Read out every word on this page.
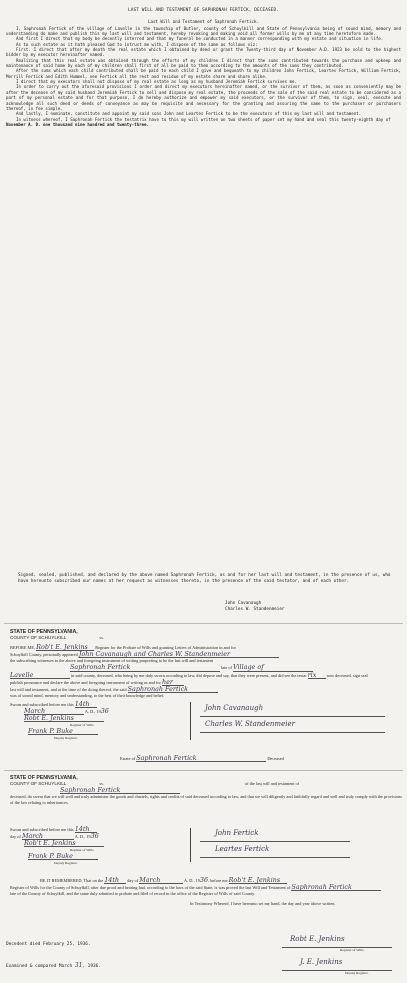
LAST WILL AND TESTAMENT OF SAPHRONAH FERTICK, DECEASED.
Last Will and Testament of Saphronah Fertick.

I, Saphronah Fertick of the village of Lavelle in the township of Butler, county of Schuylkill and State of Pennsylvania being of sound mind, memory and understanding do make and publish this my last will and testament, hereby revoking and making void all former wills by me at any time heretofore made.

And first I direct that my body be decently interred and that my funeral be conducted in a manner corresponding with my estate and situation in life.

As to such estate as it hath pleased God to intrust me with, I dispose of the same as follows viz:

First. I direct that after my death the real estate which I obtained by deed or grant the Twenty-third day of November A.D. 1923 be sold to the highest bidder by my executor hereinafter named.

Realizing that this real estate was obtained through the efforts of my children I direct that the sums contributed towards the purchase and upkeep and maintenance of said home by each of my children shall first of all be paid to them according to the amounts of the sums they contributed.

After the sums which each child contributed shall be paid to each child I give and bequeath to my children John Fertick, Leartes Fertick, William Fertick, Merrill Fertick and Edith Hummel, nee Fertick all the rest and residue of my estate share and share alike.

I direct that my executors shall not dispose of my real estate as long as my husband Jeremiah Fertick survives me.

In order to carry out the aforesaid provisions I order and direct my executors hereinafter named, or the survivor of them, as soon as conveniently may be after the decease of my said husband Jeremiah Fertick to sell and dispose my real estate, the proceeds of the sale of the said real estate to be considered as a part of my personal estate and for that purpose, I do hereby authorize and empower my said executors, or the survivor of them, to sign, seal, execute and acknowledge all such deed or deeds of conveyance as may be requisite and necessary for the granting and assuring the same to the purchaser or purchasers thereof, in fee simple.

And lastly, I nominate, constitute and appoint my said sons John and Leartes Fertick to be the executors of this my last will and testament.

In witness whereof, I Saphronah Fertick the testatrix have to this my will written on two sheets of paper set my hand and seal this twenty-eighth day of

November A. D. one thousand nine hundred and twenty-three.

Signed, sealed, published, and declared by the above named Saphronah Fertick, as and for her last will and testament, in the presence of us, who have hereunto subscribed our names at her request as witnesses thereto, in the presence of the said testator, and of each other.
John Cavanaugh
Charles W. Standenmeier
STATE OF PENNSYLVANIA,
COUNTY OF SCHUYLKILL	ss.

BEFORE ME, Rob't E. Jenkins Register for the Probate of Wills and granting Letters of Administration in and for

Schuylkill County, personally appeared John Cavanaugh and Charles W. Standenmeier

the subscribing witnesses to the above and foregoing instrument of writing purporting to be the last will and testament

Saphronah Fertick	late of Village of

Lavelle	in said county, deceased, who being by me duly sworn according to law, did depose and say, that they were present, and did see the testat rix now deceased, sign seal

publish pronounce and declare the above and foregoing instrument of writing as and for her

last will and testament, and at the time of the doing thereof, the said Saphronah Fertick

was of sound mind, memory and understanding, to the best of their knowledge and belief.

Sworn and subscribed before me this 14th

March	A. D., 1936

Robt E. Jenkins

Register of Wills

Frank P. Buke

Deputy Register.

John Cavanaugh
Charles W. Standenmeier

Estate of Saphronah Fertick	Deceased

STATE OF PENNSYLVANIA,
COUNTY OF SCHUYLKILL	ss.	of the last will and testament of

Saphronah Fertick

deceased, do swear that we will well and truly administer the goods and chattels, rights and credits of said deceased according to law, and that we will diligently and faithfully regard and well and truly comply with the provisions of the law relating to inheritances.

Sworn and subscribed before me this 14th

day of March	A. D., 1936

Rob't E. Jenkins

Register of Wills

Frank P. Buke

Deputy Register.

John Fertick
Leartes Fertick

BE IT REMEMBERED, That on the 14th day of March	A. D., 1936, before me Rob't E. Jenkins

Register of Wills for the County of Schuylkill, after due proof and hearing had, according to the laws of the said State, is was proved the last Will and Testament of Saphronah Fertick

late of the County of Schuylkill, and the same duly admitted to probate and filed of record in the office of the Register of Wills of said County.

In Testimony Whereof, I have hereunto set my hand, the day and year above written.

Robt E. Jenkins
Register of Wills
J. E. Jenkins
Deputy Register.
Decedent died February 25, 1936.
Examined & compared March 31, 1936.
